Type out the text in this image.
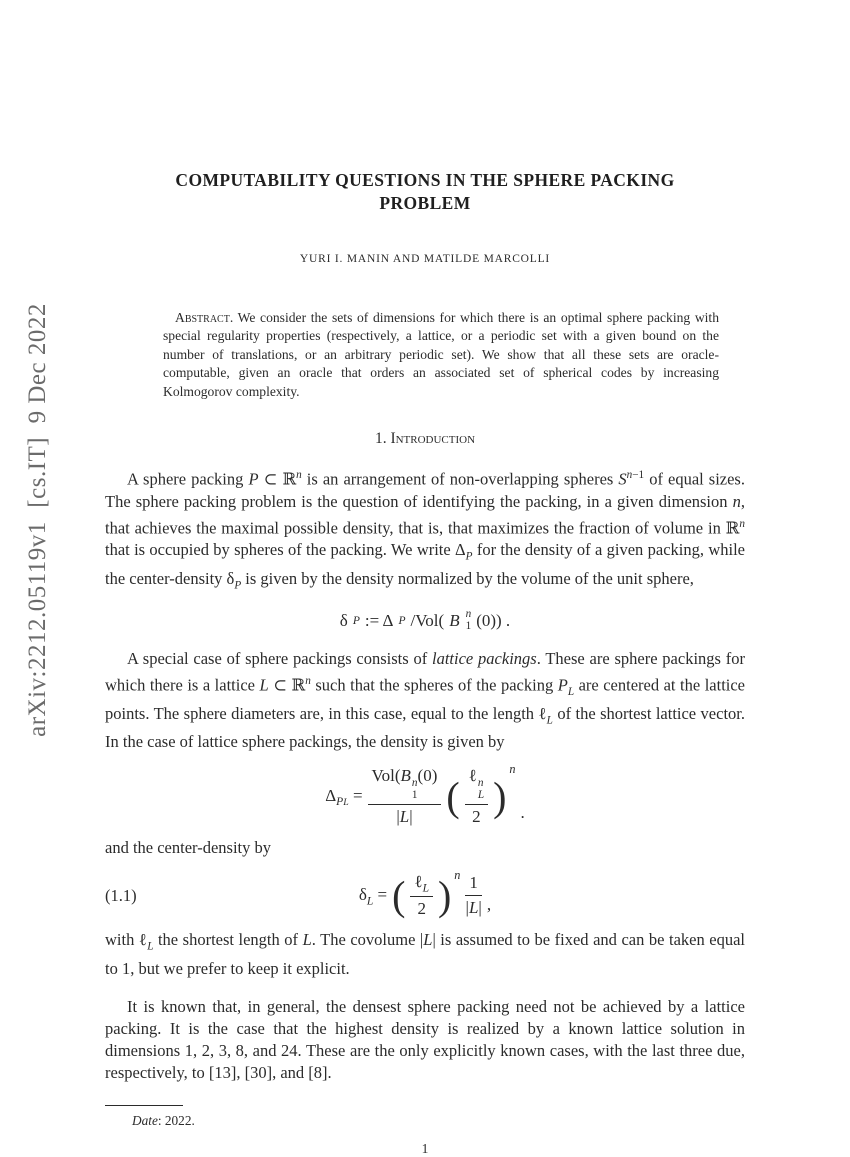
arXiv:2212.05119v1  [cs.IT]  9 Dec 2022
COMPUTABILITY QUESTIONS IN THE SPHERE PACKING
PROBLEM
YURI I. MANIN AND MATILDE MARCOLLI

Abstract. We consider the sets of dimensions for which there is an optimal sphere packing with special regularity properties (respectively, a lattice, or a periodic set with a given bound on the number of translations, or an arbitrary periodic set). We show that all these sets are oracle-computable, given an oracle that orders an associated set of spherical codes by increasing Kolmogorov complexity.

1. Introduction

A sphere packing P ⊂ ℝ$^n$ is an arrangement of non-overlapping spheres $S^{n-1}$ of equal sizes. The sphere packing problem is the question of identifying the packing, in a given dimension n, that achieves the maximal possible density, that is, that maximizes the fraction of volume in ℝ$^n$ that is occupied by spheres of the packing. We write $\Delta_P$ for the density of a given packing, while the center-density $\delta_P$ is given by the density normalized by the volume of the unit sphere,

δ P := Δ P /Vol( B n
1 (0)) .

A special case of sphere packings consists of lattice packings. These are sphere packings for which there is a lattice L ⊂ ℝ$^n$ such that the spheres of the packing $P_L$ are centered at the lattice points. The sphere diameters are, in this case, equal to the length ℓ$_L$ of the shortest lattice vector. In the case of lattice sphere packings, the density is given by

$\Delta_{PL} = Vol(B$ n
1
(0)
|L| ( ℓ n
L
2 )
n
.

and the center-density by

(1.1)	$\delta_L$ = ( $\frac{\ell_L}{2}$ ) n $\frac{1}{|L|}$ ,

with ℓ$_L$ the shortest length of L. The covolume |L| is assumed to be fixed and can be taken equal to 1, but we prefer to keep it explicit.

It is known that, in general, the densest sphere packing need not be achieved by a lattice packing. It is the case that the highest density is realized by a known lattice solution in dimensions 1, 2, 3, 8, and 24. These are the only explicitly known cases, with the last three due, respectively, to [13], [30], and [8].

Date: 2022.
1
